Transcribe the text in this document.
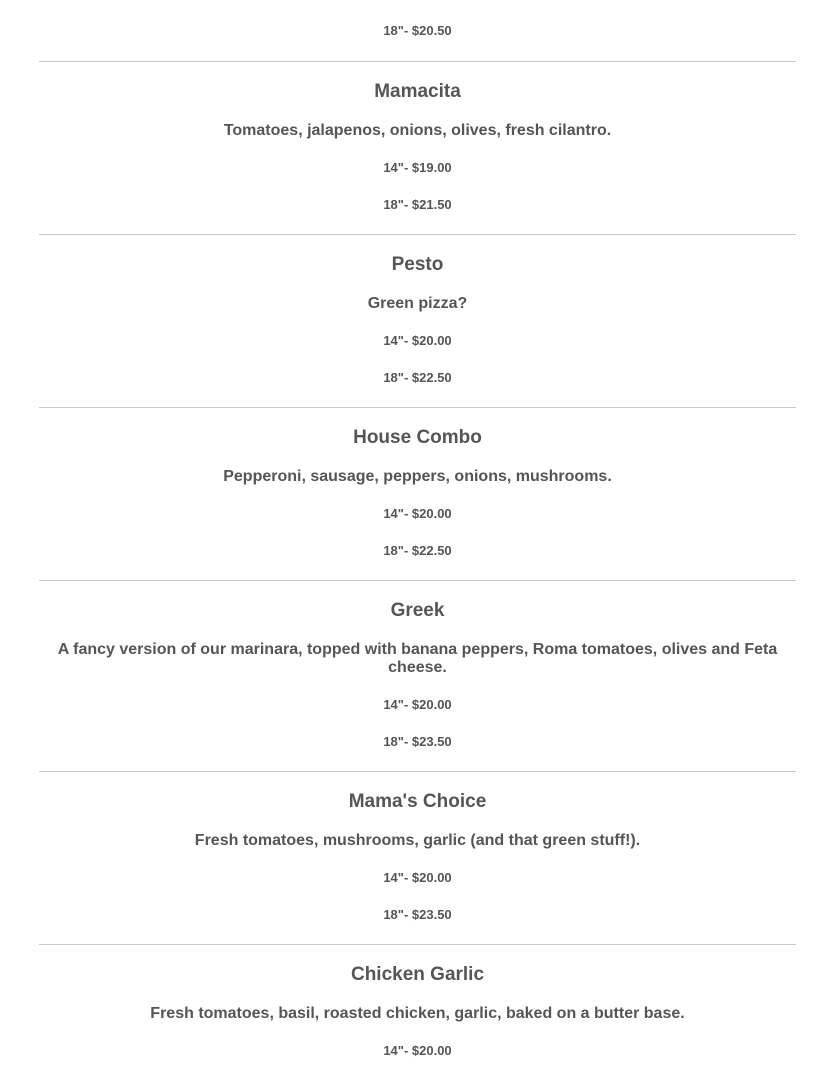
18"- $20.50
Mamacita
Tomatoes, jalapenos, onions, olives, fresh cilantro.
14"- $19.00
18"- $21.50
Pesto
Green pizza?
14"- $20.00
18"- $22.50
House Combo
Pepperoni, sausage, peppers, onions, mushrooms.
14"- $20.00
18"- $22.50
Greek
A fancy version of our marinara, topped with banana peppers, Roma tomatoes, olives and Feta cheese.
14"- $20.00
18"- $23.50
Mama's Choice
Fresh tomatoes, mushrooms, garlic (and that green stuff!).
14"- $20.00
18"- $23.50
Chicken Garlic
Fresh tomatoes, basil, roasted chicken, garlic, baked on a butter base.
14"- $20.00
